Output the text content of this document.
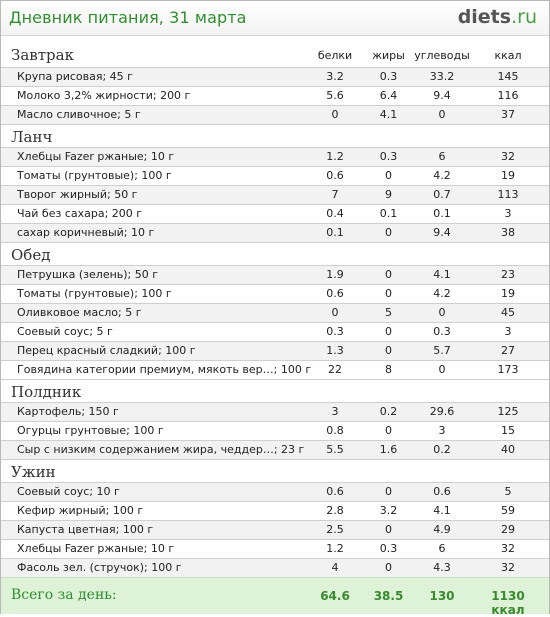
Дневник питания, 31 марта	diets.ru
Завтрак	белки	жиры углеводы	ккал
Крупа рисовая; 45 г	3.2	0.3	33.2	145
Молоко 3,2% жирности; 200 г	5.6	6.4	9.4	116
Масло сливочное; 5 г	0	4.1	0	37
Ланч
Хлебцы Fazer ржаные; 10 г	1.2	0.3	6	32
Томаты (грунтовые); 100 г	0.6	0	4.2	19
Творог жирный; 50 г	7	9	0.7	113
Чай без сахара; 200 г	0.4	0.1	0.1	3
сахар коричневый; 10 г	0.1	0	9.4	38
Обед
Петрушка (зелень); 50 г	1.9	0	4.1	23
Томаты (грунтовые); 100 г	0.6	0	4.2	19
Оливковое масло; 5 г	0	5	0	45
Соевый соус; 5 г	0.3	0	0.3	3
Перец красный сладкий; 100 г	1.3	0	5.7	27
Говядина категории премиум, мякоть вер…; 100 г	22	8	0	173
Полдник
Картофель; 150 г	3	0.2	29.6	125
Огурцы грунтовые; 100 г	0.8	0	3	15
Сыр с низким содержанием жира, чеддер…; 23 г	5.5	1.6	0.2	40
Ужин
Соевый соус; 10 г	0.6	0	0.6	5
Кефир жирный; 100 г	2.8	3.2	4.1	59
Капуста цветная; 100 г	2.5	0	4.9	29
Хлебцы Fazer ржаные; 10 г	1.2	0.3	6	32
Фасоль зел. (стручок); 100 г	4	0	4.3	32
Всего за день:	64.6	38.5	130	1130 ккал
